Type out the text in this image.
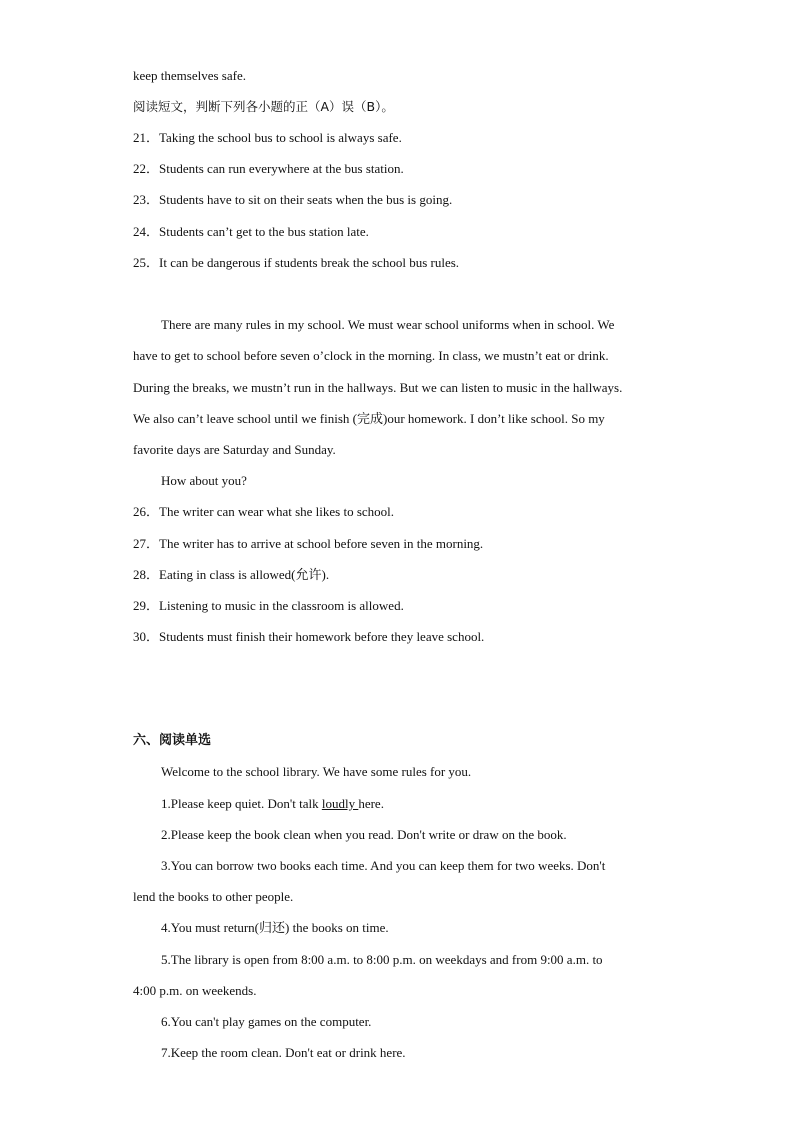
keep themselves safe.
阅读短文，判断下列各小题的正（A）误（B）。
21．Taking the school bus to school is always safe.
22．Students can run everywhere at the bus station.
23．Students have to sit on their seats when the bus is going.
24．Students can’t get to the bus station late.
25．It can be dangerous if students break the school bus rules.
There are many rules in my school. We must wear school uniforms when in school. We
have to get to school before seven o’clock in the morning. In class, we mustn’t eat or drink.
During the breaks, we mustn’t run in the hallways. But we can listen to music in the hallways.
We also can’t leave school until we finish (完成)our homework. I don’t like school. So my
favorite days are Saturday and Sunday.
How about you?
26．The writer can wear what she likes to school.
27．The writer has to arrive at school before seven in the morning.
28．Eating in class is allowed(允许).
29．Listening to music in the classroom is allowed.
30．Students must finish their homework before they leave school.
六、阅读单选
Welcome to the school library. We have some rules for you.
1.Please keep quiet. Don't talk loudly here.
2.Please keep the book clean when you read. Don't write or draw on the book.
3.You can borrow two books each time. And you can keep them for two weeks. Don't
lend the books to other people.
4.You must return(归还) the books on time.
5.The library is open from 8:00 a.m. to 8:00 p.m. on weekdays and from 9:00 a.m. to
4:00 p.m. on weekends.
6.You can't play games on the computer.
7.Keep the room clean. Don't eat or drink here.
